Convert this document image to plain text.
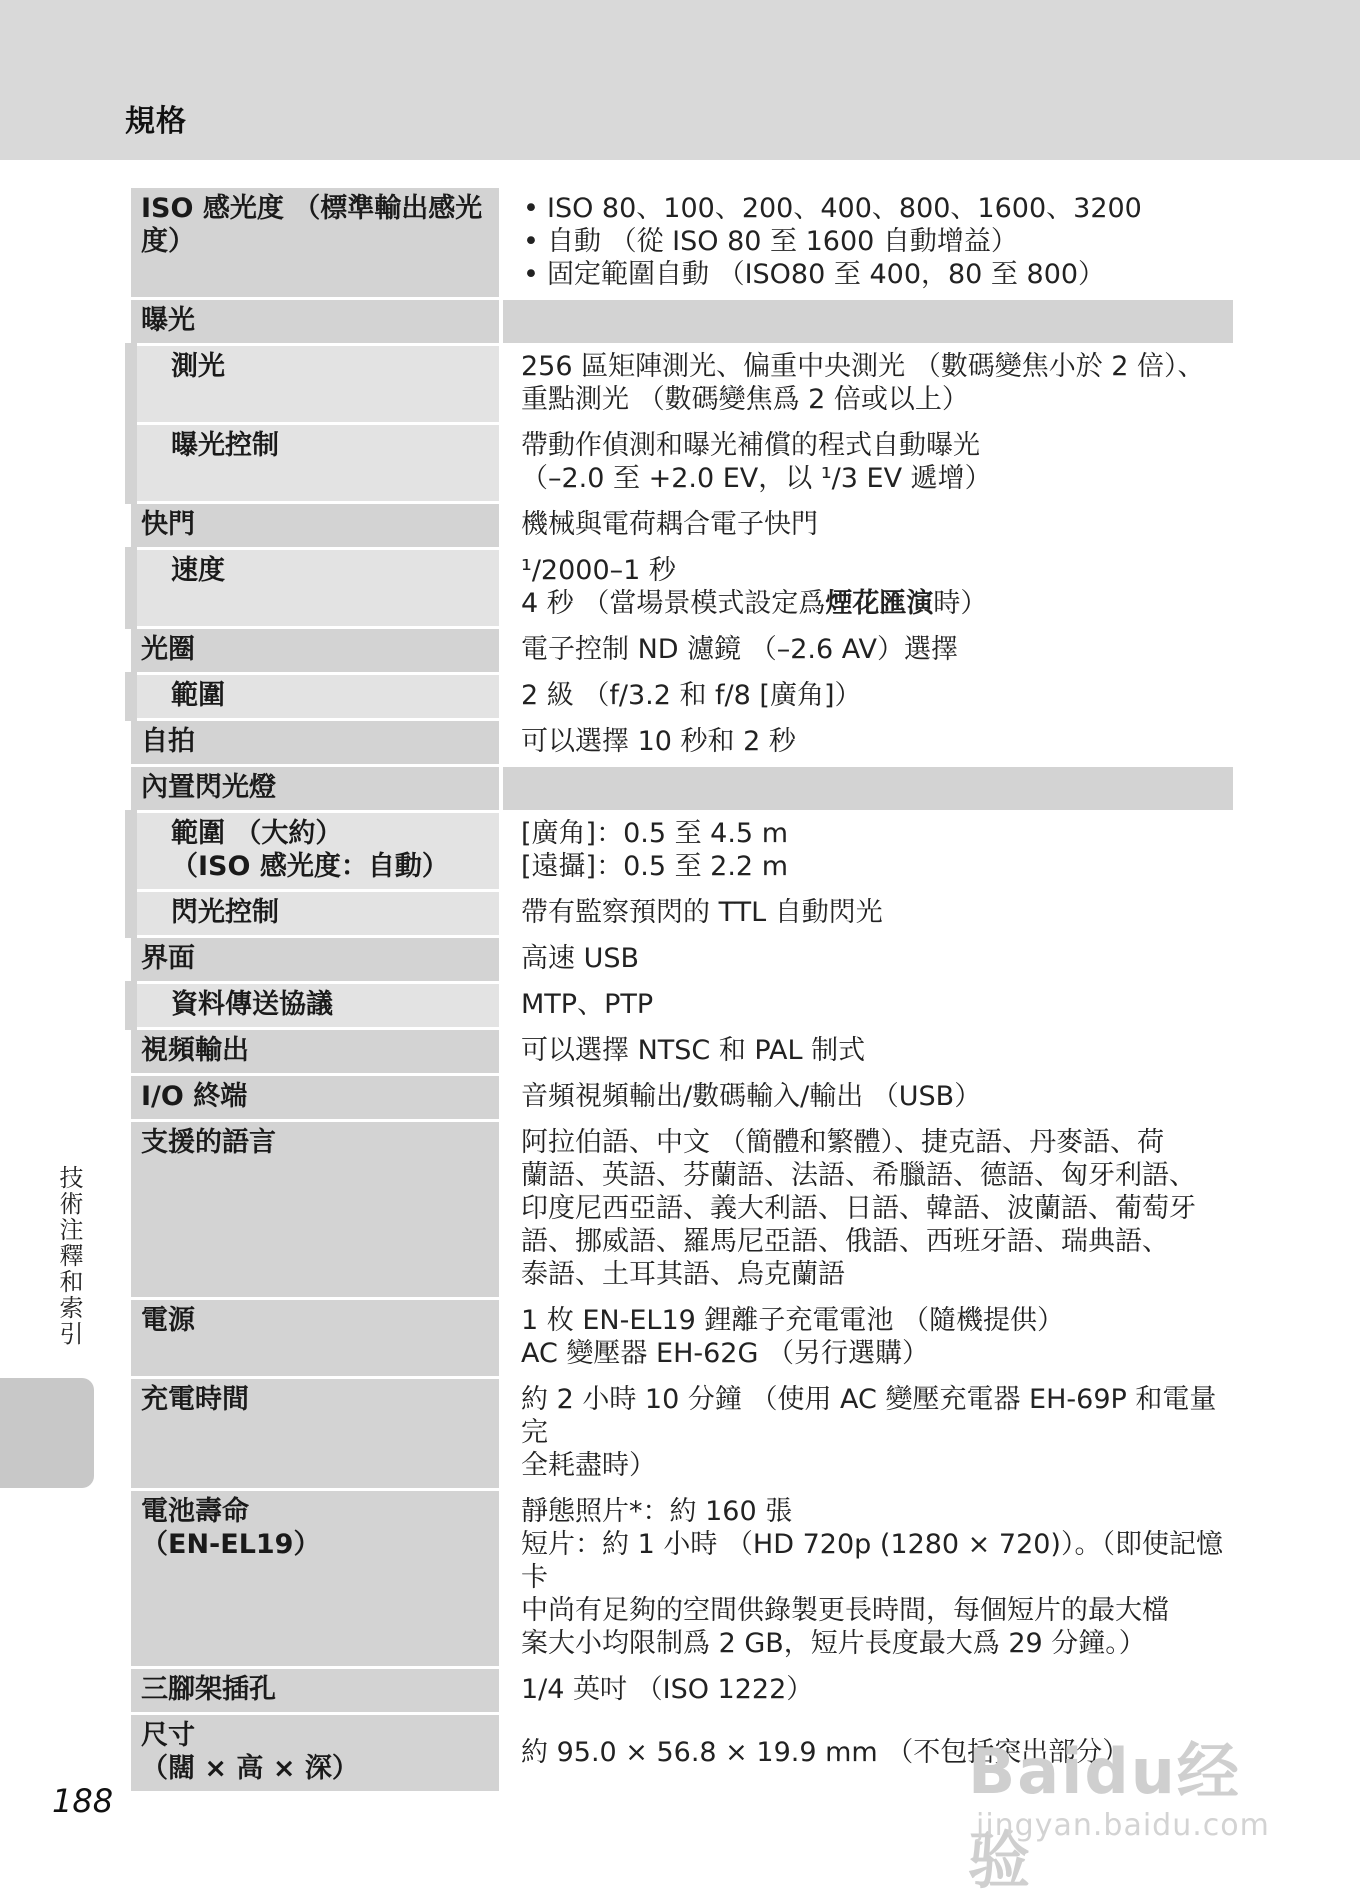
規格
ISO 感光度 （標準輸出感光度）	• ISO 80、100、200、400、800、1600、3200
• 自動 （從 ISO 80 至 1600 自動增益）
• 固定範圍自動 （ISO80 至 400，80 至 800）

曝光	
測光	256 區矩陣測光、偏重中央測光 （數碼變焦小於 2 倍）、
重點測光 （數碼變焦爲 2 倍或以上）

曝光控制	帶動作偵測和曝光補償的程式自動曝光
（–2.0 至 +2.0 EV，以 ¹/3 EV 遞增）

快門	機械與電荷耦合電子快門

速度	¹/2000–1 秒
4 秒 （當場景模式設定爲煙花匯演時）

光圈	電子控制 ND 濾鏡 （–2.6 AV）選擇

範圍	2 級 （f/3.2 和 f/8 [廣角]）

自拍	可以選擇 10 秒和 2 秒

內置閃光燈	

範圍 （大約）
（ISO 感光度：自動）	[廣角]：0.5 至 4.5 m
[遠攝]：0.5 至 2.2 m

閃光控制	帶有監察預閃的 TTL 自動閃光

界面	高速 USB

資料傳送協議	MTP、PTP

視頻輸出	可以選擇 NTSC 和 PAL 制式

I/O 終端	音頻視頻輸出/數碼輸入/輸出 （USB）

支援的語言	阿拉伯語、中文 （簡體和繁體）、捷克語、丹麥語、荷
蘭語、英語、芬蘭語、法語、希臘語、德語、匈牙利語、
印度尼西亞語、義大利語、日語、韓語、波蘭語、葡萄牙
語、挪威語、羅馬尼亞語、俄語、西班牙語、瑞典語、
泰語、土耳其語、烏克蘭語

電源	1 枚 EN-EL19 鋰離子充電電池 （隨機提供）
AC 變壓器 EH-62G （另行選購）

充電時間	約 2 小時 10 分鐘 （使用 AC 變壓充電器 EH-69P 和電量完
全耗盡時）

電池壽命
（EN-EL19）	靜態照片*：約 160 張
短片：約 1 小時 （HD 720p (1280 × 720)）。（即使記憶卡
中尚有足夠的空間供錄製更長時間，每個短片的最大檔
案大小均限制爲 2 GB，短片長度最大爲 29 分鐘。）

三腳架插孔	1/4 英吋 （ISO 1222）

尺寸
（闊 × 高 × 深）	約 95.0 × 56.8 × 19.9 mm （不包括突出部分）
技術注釋和索引
188	Baidu经验
jingyan.baidu.com
